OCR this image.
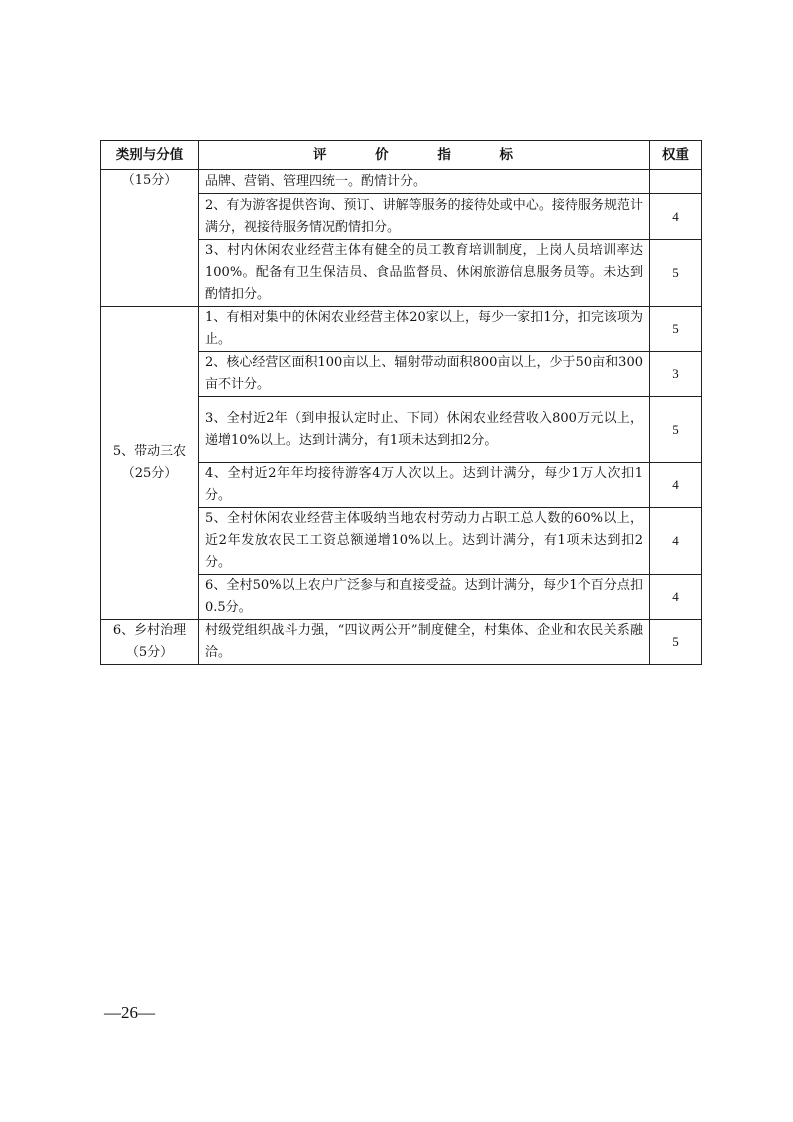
类别与分值	评 价 指 标	权重

（15分）	品牌、营销、管理四统一。酌情计分。	
	2、有为游客提供咨询、预订、讲解等服务的接待处或中心。接待服务规范计满分，视接待服务情况酌情扣分。	4
	3、村内休闲农业经营主体有健全的员工教育培训制度，上岗人员培训率达100%。配备有卫生保洁员、食品监督员、休闲旅游信息服务员等。未达到酌情扣分。	5

5、带动三农
（25分）	1、有相对集中的休闲农业经营主体20家以上，每少一家扣1分，扣完该项为止。	5
	2、核心经营区面积100亩以上、辐射带动面积800亩以上，少于50亩和300亩不计分。	3
	3、全村近2年（到申报认定时止、下同）休闲农业经营收入800万元以上，递增10%以上。达到计满分，有1项未达到扣2分。	5
	4、全村近2年年均接待游客4万人次以上。达到计满分，每少1万人次扣1分。	4
	5、全村休闲农业经营主体吸纳当地农村劳动力占职工总人数的60%以上，近2年发放农民工工资总额递增10%以上。达到计满分，有1项未达到扣2分。	4
	6、全村50%以上农户广泛参与和直接受益。达到计满分，每少1个百分点扣0.5分。	4

6、乡村治理
（5分）	村级党组织战斗力强，“四议两公开”制度健全，村集体、企业和农民关系融洽。	5
—26—
